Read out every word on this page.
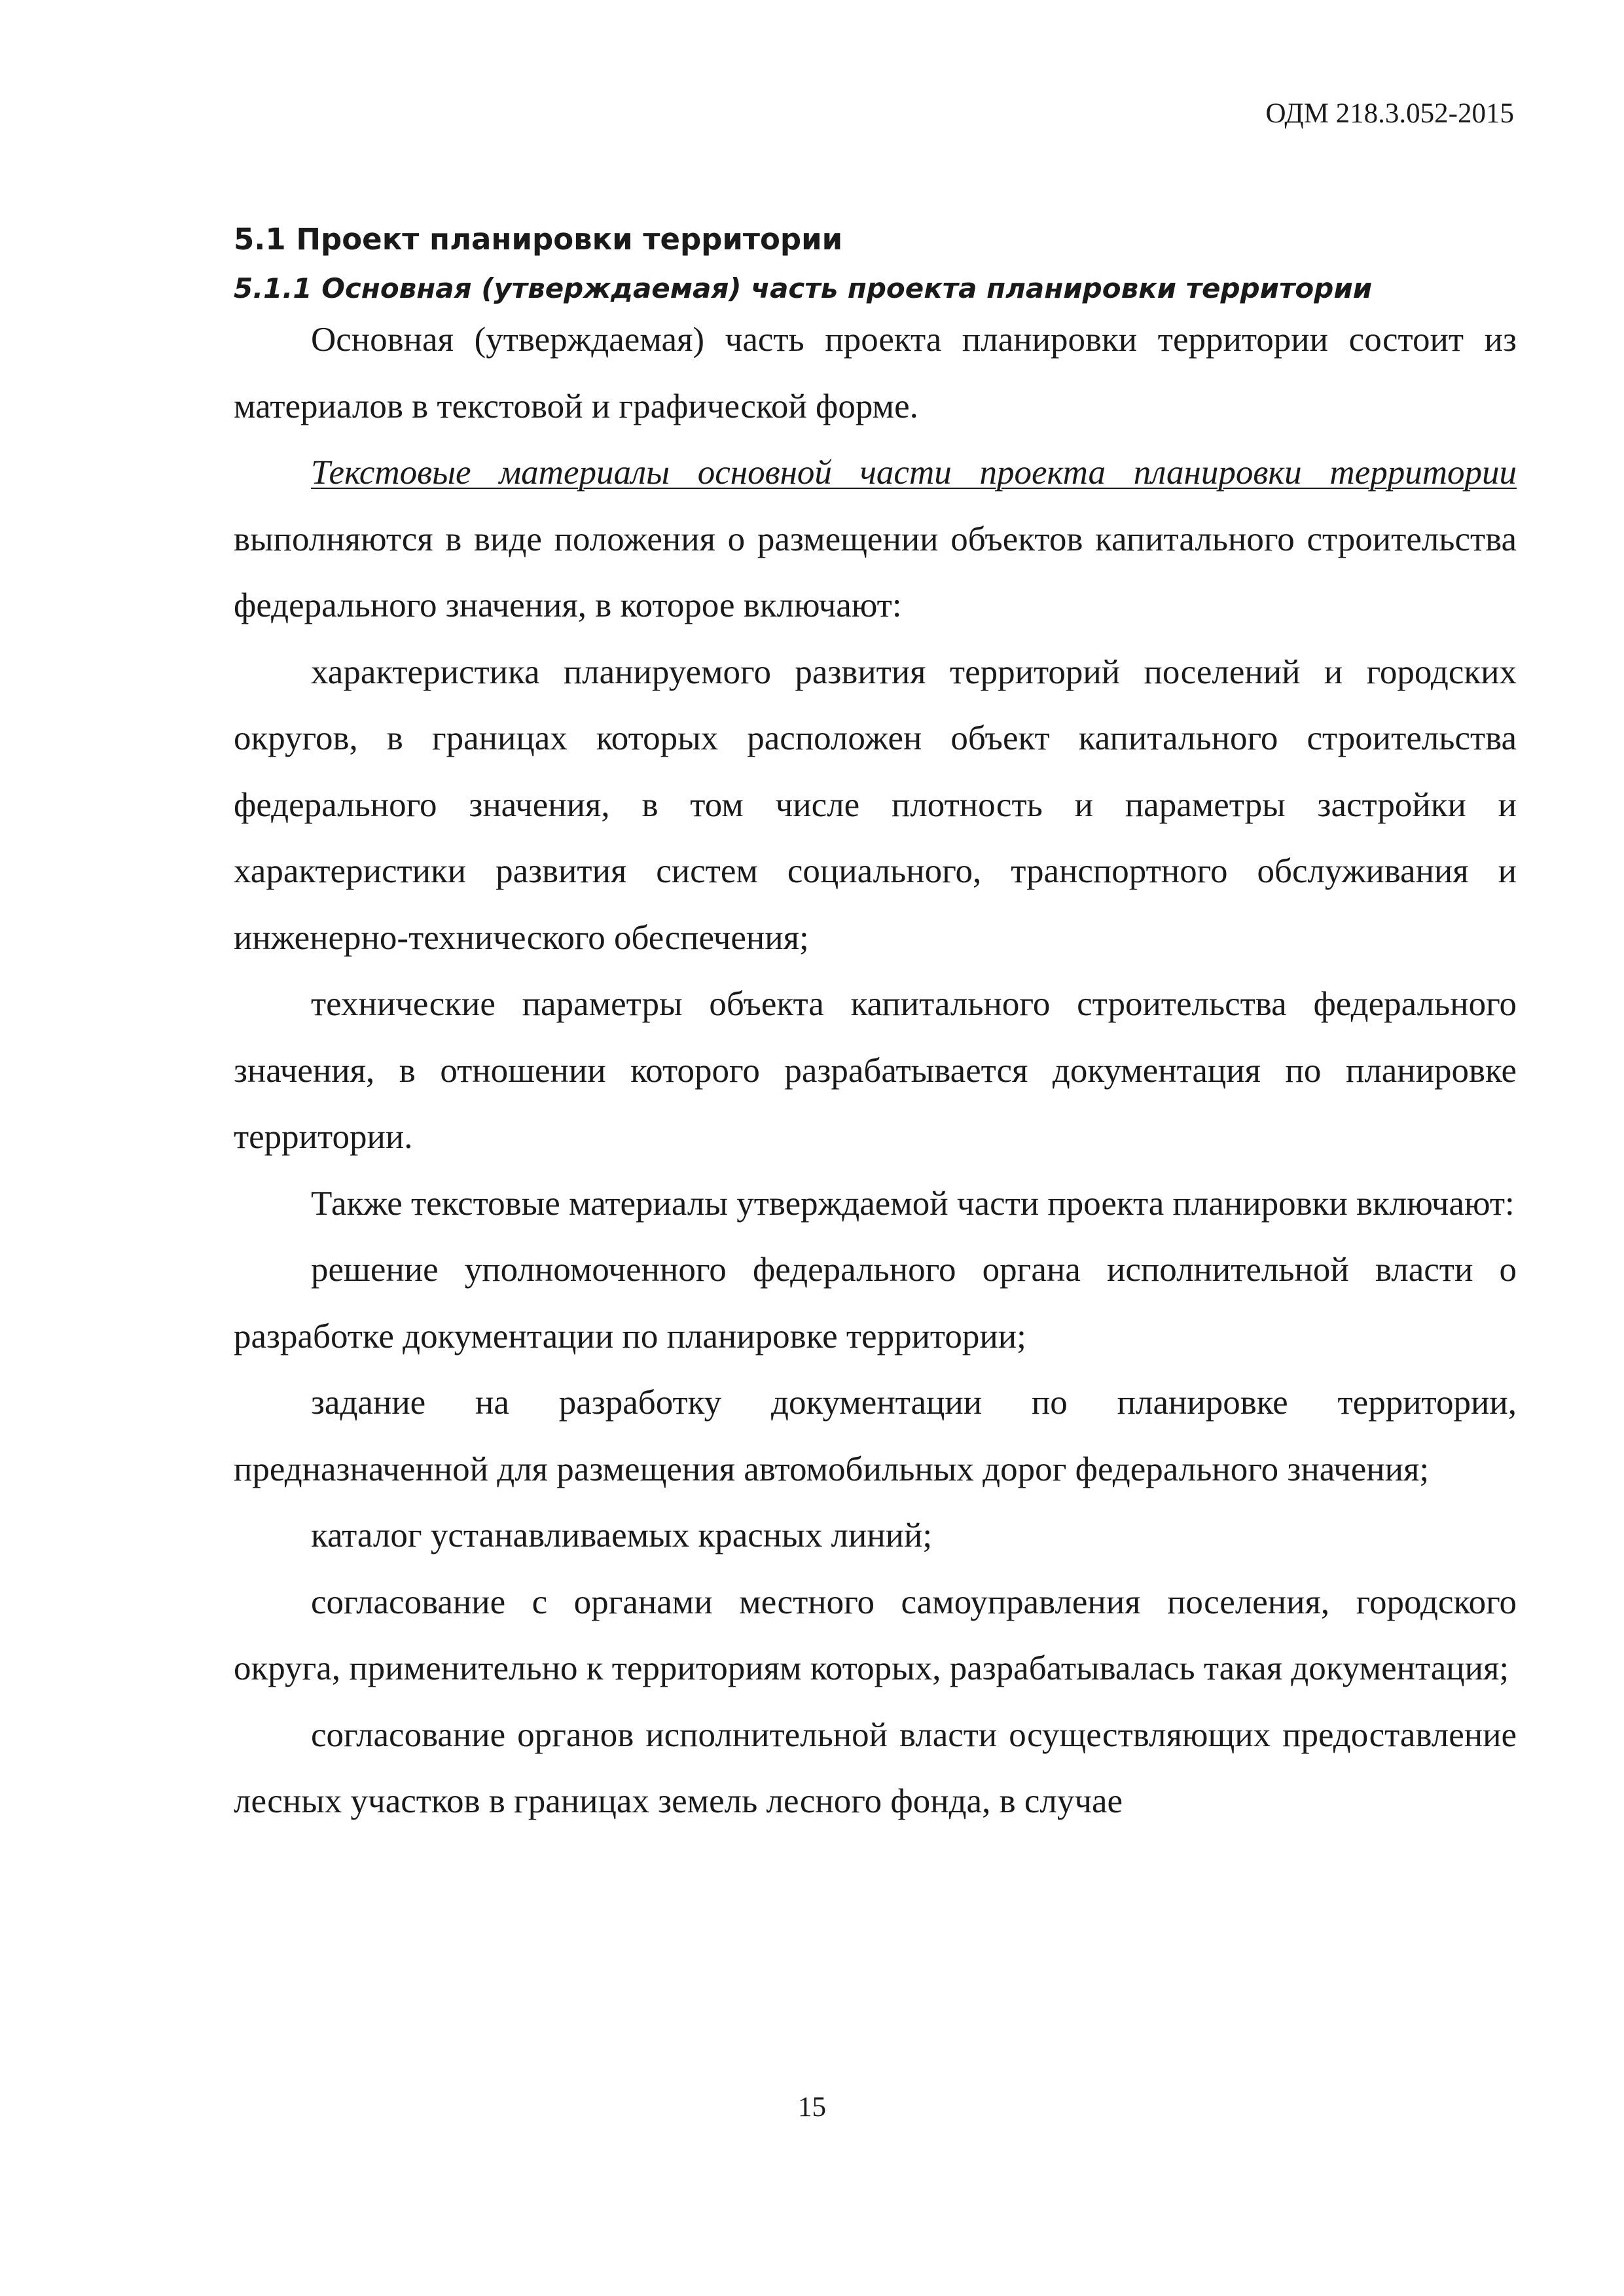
ОДМ 218.3.052-2015
5.1 Проект планировки территории
5.1.1 Основная (утверждаемая) часть проекта планировки территории

Основная (утверждаемая) часть проекта планировки территории состоит из материалов в текстовой и графической форме.

Текстовые материалы основной части проекта планировки территории выполняются в виде положения о размещении объектов капитального строительства федерального значения, в которое включают:

характеристика планируемого развития территорий поселений и городских округов, в границах которых расположен объект капитального строительства федерального значения, в том числе плотность и параметры застройки и характеристики развития систем социального, транспортного обслуживания и инженерно-технического обеспечения;

технические параметры объекта капитального строительства федерального значения, в отношении которого разрабатывается документация по планировке территории.

Также текстовые материалы утверждаемой части проекта планировки включают:

решение уполномоченного федерального органа исполнительной власти о разработке документации по планировке территории;

задание на разработку документации по планировке территории, предназначенной для размещения автомобильных дорог федерального значения;

каталог устанавливаемых красных линий;

согласование с органами местного самоуправления поселения, городского округа, применительно к территориям которых, разрабатывалась такая документация;

согласование органов исполнительной власти осуществляющих предоставление лесных участков в границах земель лесного фонда, в случае

15
